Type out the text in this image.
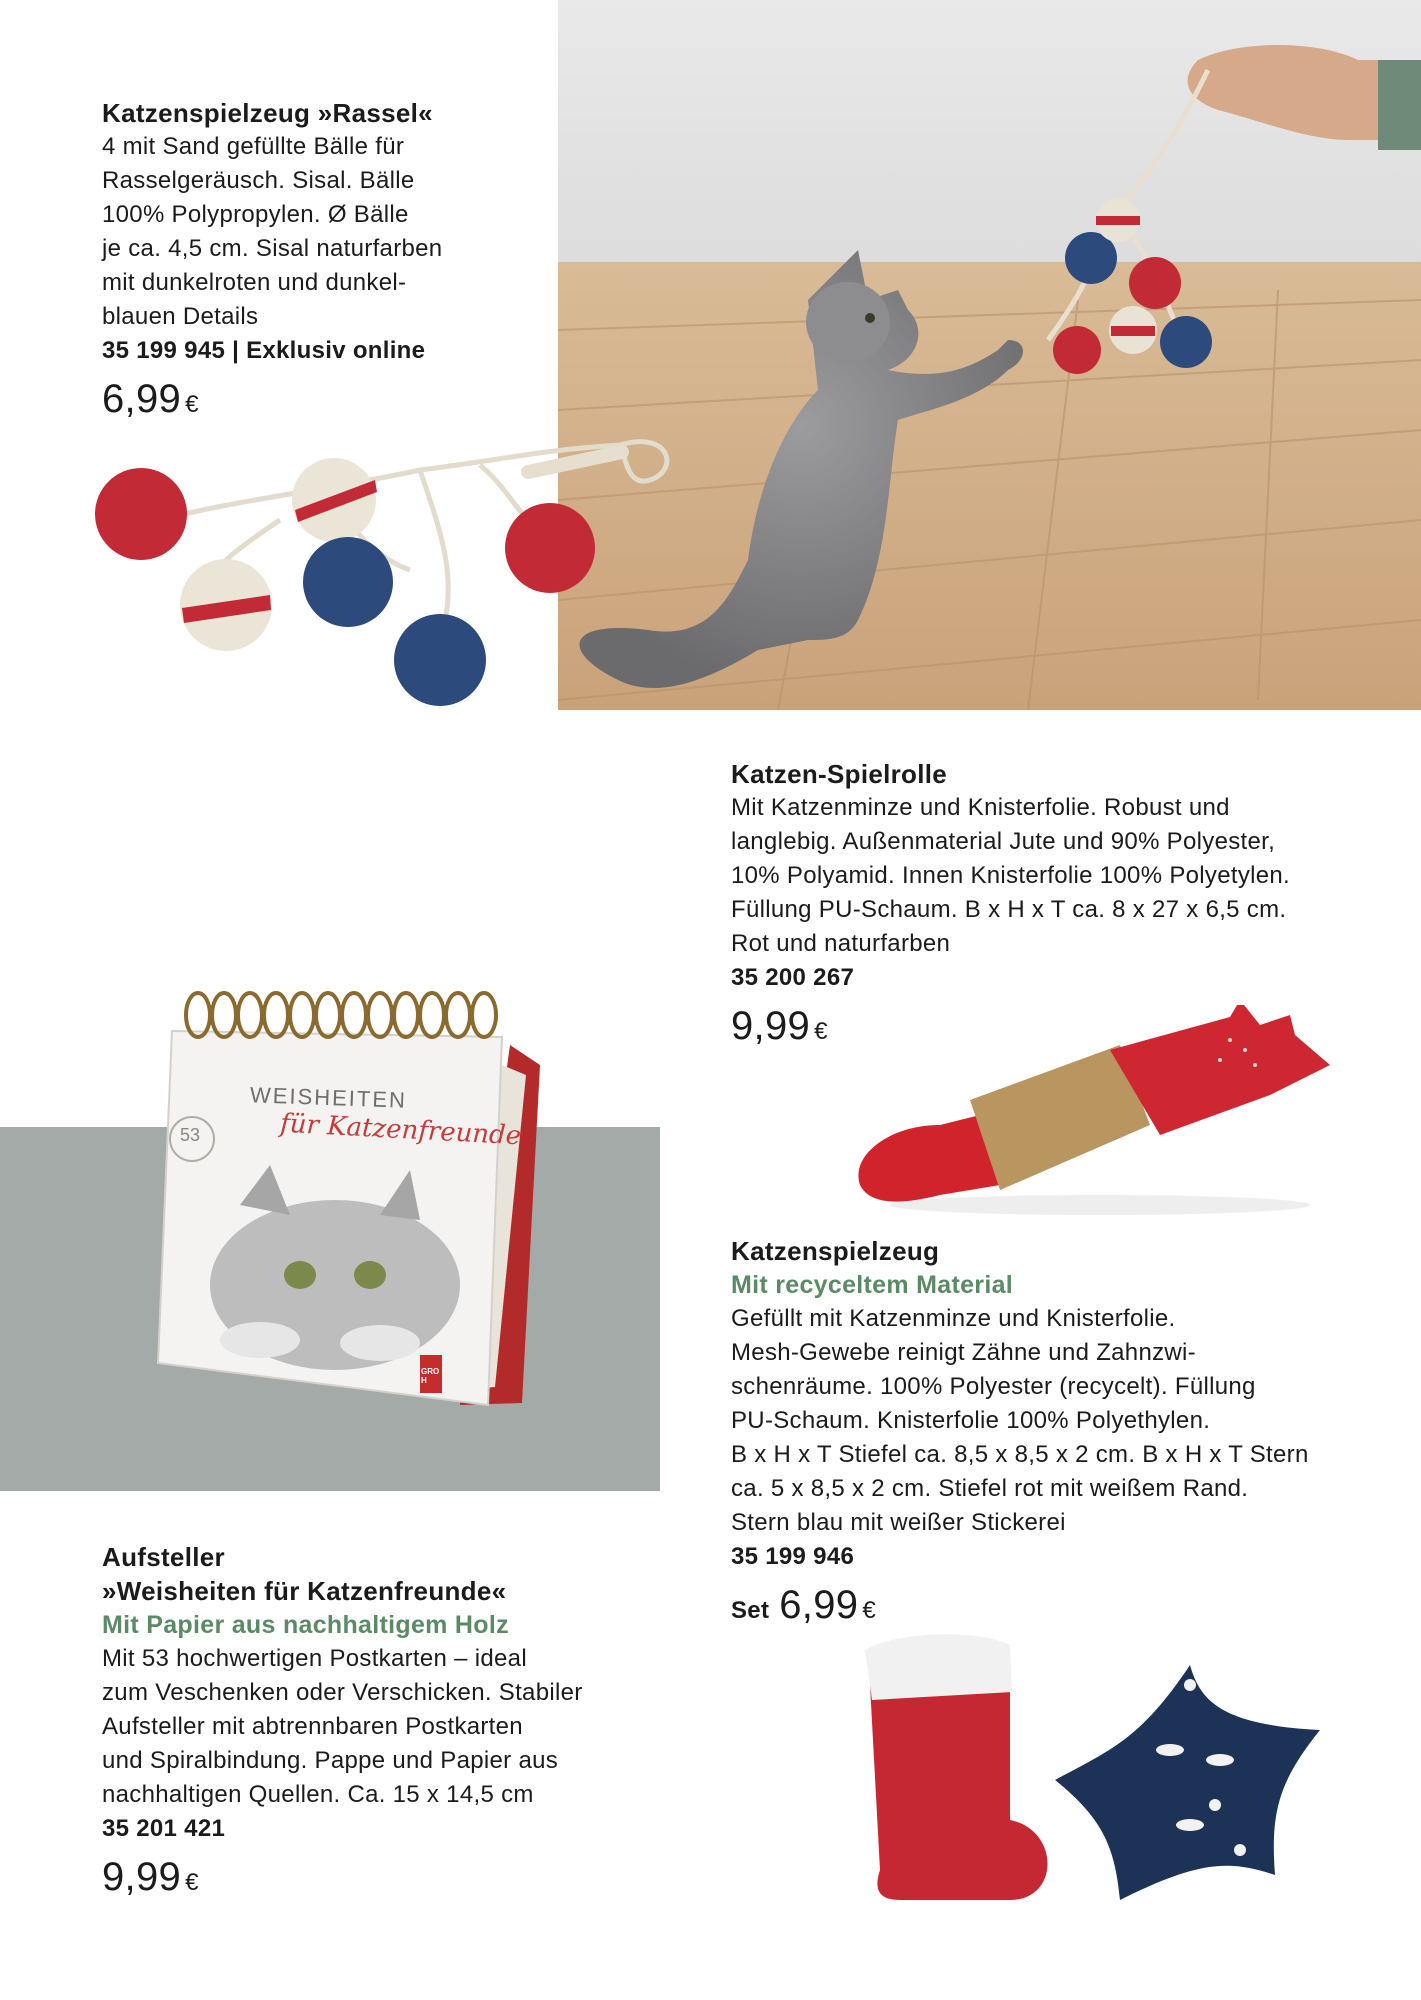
WEISHEITEN
für Katzenfreunde
53
GROH
Katzenspielzeug »Rassel«
4 mit Sand gefüllte Bälle für
Rasselgeräusch. Sisal. Bälle
100% Polypropylen. Ø Bälle
je ca. 4,5 cm. Sisal naturfarben
mit dunkelroten und dunkel-
blauen Details
35 199 945 | Exklusiv online
6,99 €
Katzen-Spielrolle
Mit Katzenminze und Knisterfolie. Robust und
langlebig. Außenmaterial Jute und 90% Polyester,
10% Polyamid. Innen Knisterfolie 100% Polyetylen.
Füllung PU-Schaum. B x H x T ca. 8 x 27 x 6,5 cm.
Rot und naturfarben
35 200 267
9,99 €
Katzenspielzeug
Mit recyceltem Material
Gefüllt mit Katzenminze und Knisterfolie.
Mesh-Gewebe reinigt Zähne und Zahnzwi-
schenräume. 100% Polyester (recycelt). Füllung
PU-Schaum. Knisterfolie 100% Polyethylen.
B x H x T Stiefel ca. 8,5 x 8,5 x 2 cm. B x H x T Stern
ca. 5 x 8,5 x 2 cm. Stiefel rot mit weißem Rand.
Stern blau mit weißer Stickerei
35 199 946
Set 6,99 €
Aufsteller
»Weisheiten für Katzenfreunde«
Mit Papier aus nachhaltigem Holz
Mit 53 hochwertigen Postkarten – ideal
zum Veschenken oder Verschicken. Stabiler
Aufsteller mit abtrennbaren Postkarten
und Spiralbindung. Pappe und Papier aus
nachhaltigen Quellen. Ca. 15 x 14,5 cm
35 201 421
9,99 €
